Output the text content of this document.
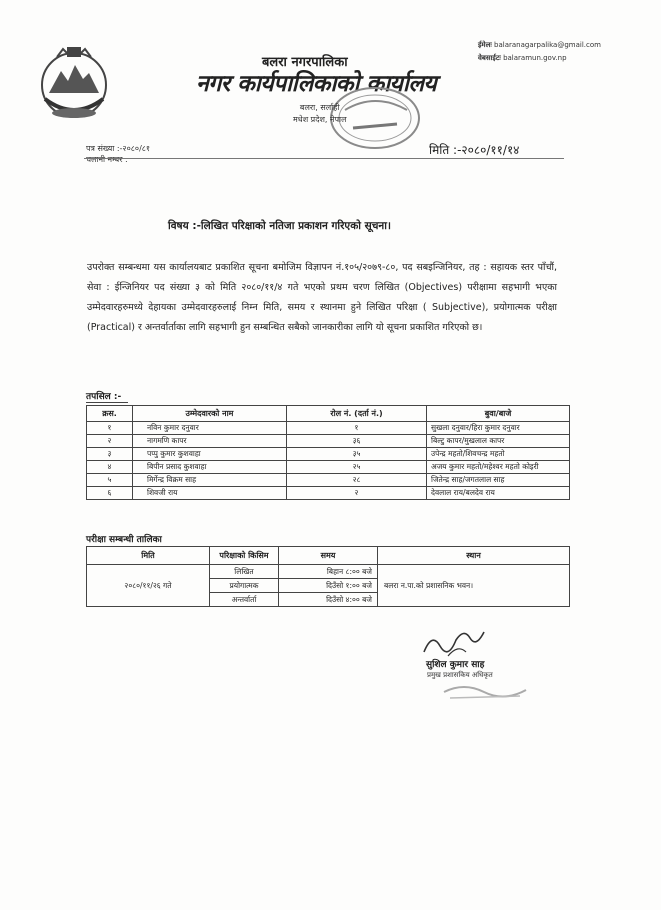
ईमेलः balaranagarpalika@gmail.com
वेबसाईटः balaramun.gov.np
बलरा नगरपालिका
नगर कार्यपालिकाको कार्यालय
बलरा, सर्लाही
मधेश प्रदेश, नेपाल
पत्र संख्या :-२०८०/८१
चलानी नम्बर :
मिति :-२०८०/११/१४
विषय :-लिखित परिक्षाको नतिजा प्रकाशन गरिएको सूचना।
उपरोक्त सम्बन्धमा यस कार्यालयबाट प्रकाशित सूचना बमोजिम विज्ञापन नं.१०५/२०७९-८०, पद सबइन्जिनियर, तह : सहायक स्तर पाँचौं, सेवा : ईन्जिनियर पद संख्या ३ को मिति २०८०/११/४ गते भएको प्रथम चरण लिखित (Objectives) परीक्षामा सहभागी भएका उम्मेदवारहरुमध्ये देहायका उम्मेदवारहरुलाई निम्न मिति, समय र स्थानमा हुने लिखित परिक्षा ( Subjective), प्रयोगात्मक परीक्षा (Practical) र अन्तर्वार्ताका लागि सहभागी हुन सम्बन्धित सबैको जानकारीका लागि यो सूचना प्रकाशित गरिएको छ।
तपसिल :-
क्रस.	उम्मेदवारको नाम	रोल नं. (दर्ता नं.)	बुवा/बाजे
१	नविन कुमार दनुवार	१	सुखला दनुवार/हिरा कुमार दनुवार
२	नागमणि कापर	३६	बिल्टु कापर/मुखलाल कापर
३	पप्पु कुमार कुशवाहा	३५	उपेन्द्र महतो/शिवचन्द्र महतो
४	बिपीन प्रसाद कुशवाहा	२५	अजय कुमार महतो/महेश्वर महतो कोइरी
५	मिर्गेन्द्र विक्रम साह	२८	जितेन्द्र साह/जगतलाल साह
६	शिवजी राय	२	देवलाल राय/बलदेव राय
परीक्षा सम्बन्धी तालिका
मिति	परिक्षाको किसिम	समय	स्थान
२०८०/११/२६ गते	लिखित	बिहान ८:०० बजे	बलरा न.पा.को प्रशासनिक भवन।
	प्रयोगात्मक	दिउँसो १:०० बजे	
	अन्तर्वार्ता	दिउँसो ४:०० बजे	
सुशिल कुमार साह
प्रमुख प्रशासकिय अधिकृत
